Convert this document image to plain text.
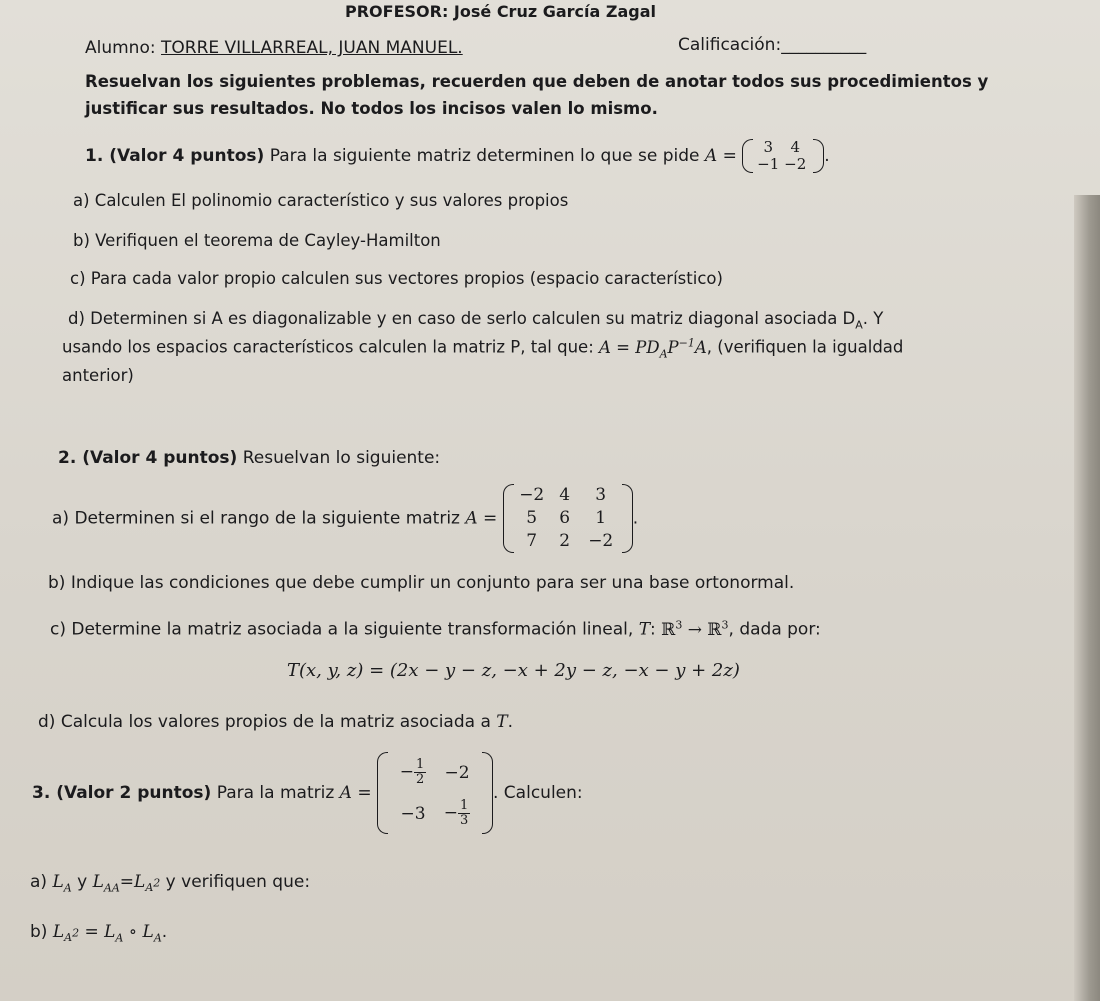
PROFESOR: José Cruz García Zagal
Alumno: TORRE VILLARREAL, JUAN MANUEL.	Calificación:__________
Resuelvan los siguientes problemas, recuerden que deben de anotar todos sus procedimientos y
justificar sus resultados. No todos los incisos valen lo mismo.
1. (Valor 4 puntos) Para la siguiente matriz determinen lo que se pide A =	3	4
−1 −2 .
a) Calculen El polinomio característico y sus valores propios
b) Verifiquen el teorema de Cayley-Hamilton
c) Para cada valor propio calculen sus vectores propios (espacio característico)
d) Determinen si A es diagonalizable y en caso de serlo calculen su matriz diagonal asociada $D_A$. Y
usando los espacios característicos calculen la matriz P, tal que: $A = PD_AP^{-1}A$, (verifiquen la igualdad
anterior)
2. (Valor 4 puntos) Resuelvan lo siguiente:
a) Determinen si el rango de la siguiente matriz A =
−2 4	3
5	6	1
7	2	−2
.
b) Indique las condiciones que debe cumplir un conjunto para ser una base ortonormal.
c) Determine la matriz asociada a la siguiente transformación lineal, T: ℝ$^3$ → ℝ$^3$, dada por:
T(x, y, z) = (2x − y − z, −x + 2y − z, −x − y + 2z)
d) Calcula los valores propios de la matriz asociada a T.
3. (Valor 2 puntos) Para la matriz A =
− $\frac{1}{2}$	−2
−3	− $\frac{1}{3}$
. Calculen:
a) $L_A$ y $L_{AA}=L_{A^2}$ y verifiquen que:
b) $L_{A^2} = L_A$ ∘ $L_A$.
